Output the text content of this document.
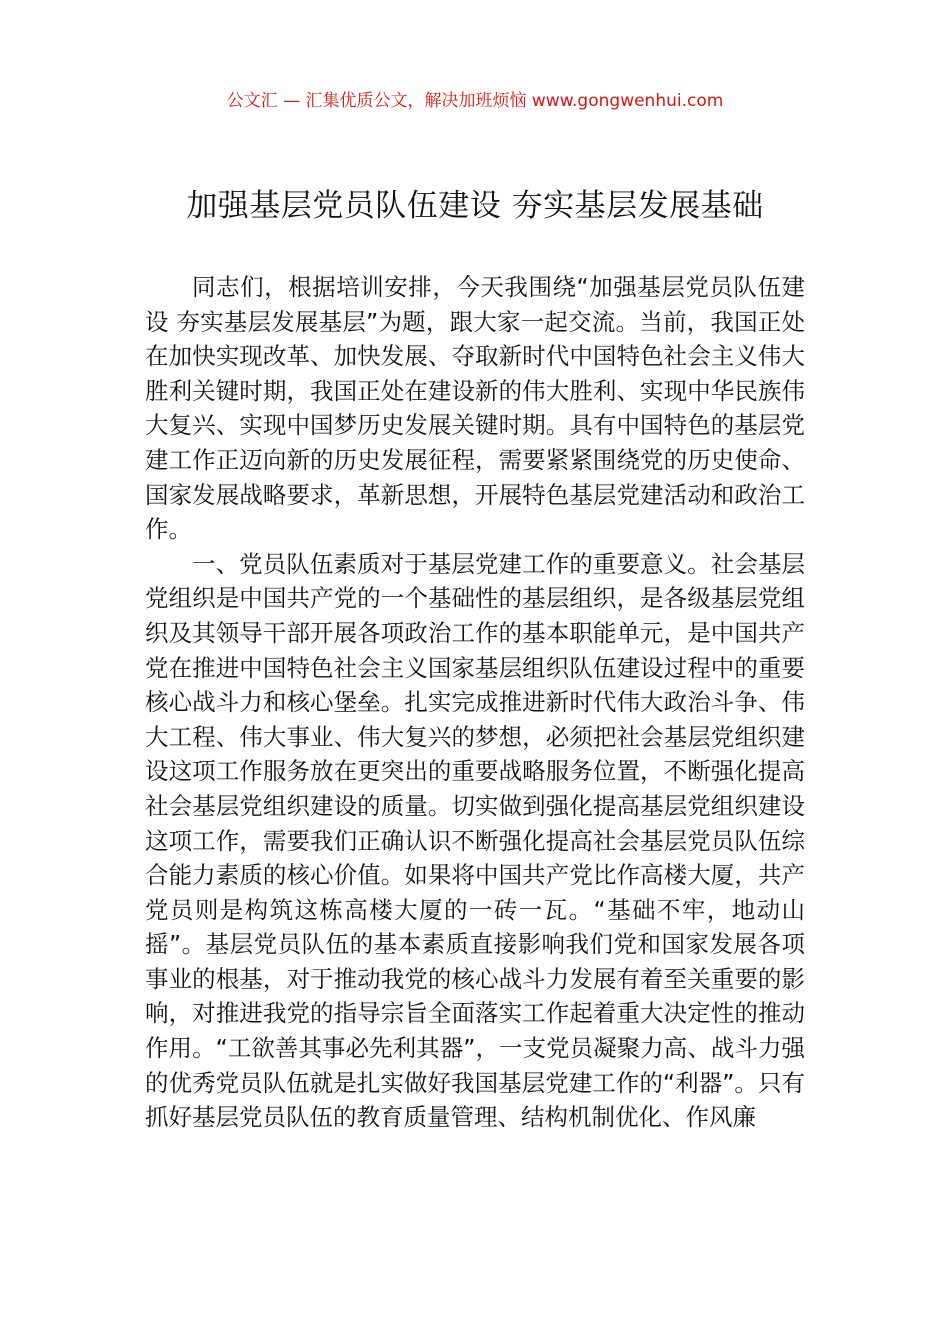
公文汇 — 汇集优质公文，解决加班烦恼 www.gongwenhui.com
加强基层党员队伍建设 夯实基层发展基础

同志们，根据培训安排，今天我围绕“加强基层党员队伍建设 夯实基层发展基层”为题，跟大家一起交流。当前，我国正处在加快实现改革、加快发展、夺取新时代中国特色社会主义伟大胜利关键时期，我国正处在建设新的伟大胜利、实现中华民族伟大复兴、实现中国梦历史发展关键时期。具有中国特色的基层党建工作正迈向新的历史发展征程，需要紧紧围绕党的历史使命、国家发展战略要求，革新思想，开展特色基层党建活动和政治工作。

一、党员队伍素质对于基层党建工作的重要意义。社会基层党组织是中国共产党的一个基础性的基层组织，是各级基层党组织及其领导干部开展各项政治工作的基本职能单元，是中国共产党在推进中国特色社会主义国家基层组织队伍建设过程中的重要核心战斗力和核心堡垒。扎实完成推进新时代伟大政治斗争、伟大工程、伟大事业、伟大复兴的梦想，必须把社会基层党组织建设这项工作服务放在更突出的重要战略服务位置，不断强化提高社会基层党组织建设的质量。切实做到强化提高基层党组织建设这项工作，需要我们正确认识不断强化提高社会基层党员队伍综合能力素质的核心价值。如果将中国共产党比作高楼大厦，共产党员则是构筑这栋高楼大厦的一砖一瓦。“基础不牢，地动山摇”。基层党员队伍的基本素质直接影响我们党和国家发展各项事业的根基，对于推动我党的核心战斗力发展有着至关重要的影响，对推进我党的指导宗旨全面落实工作起着重大决定性的推动作用。“工欲善其事必先利其器”，一支党员凝聚力高、战斗力强的优秀党员队伍就是扎实做好我国基层党建工作的“利器”。只有抓好基层党员队伍的教育质量管理、结构机制优化、作风廉
